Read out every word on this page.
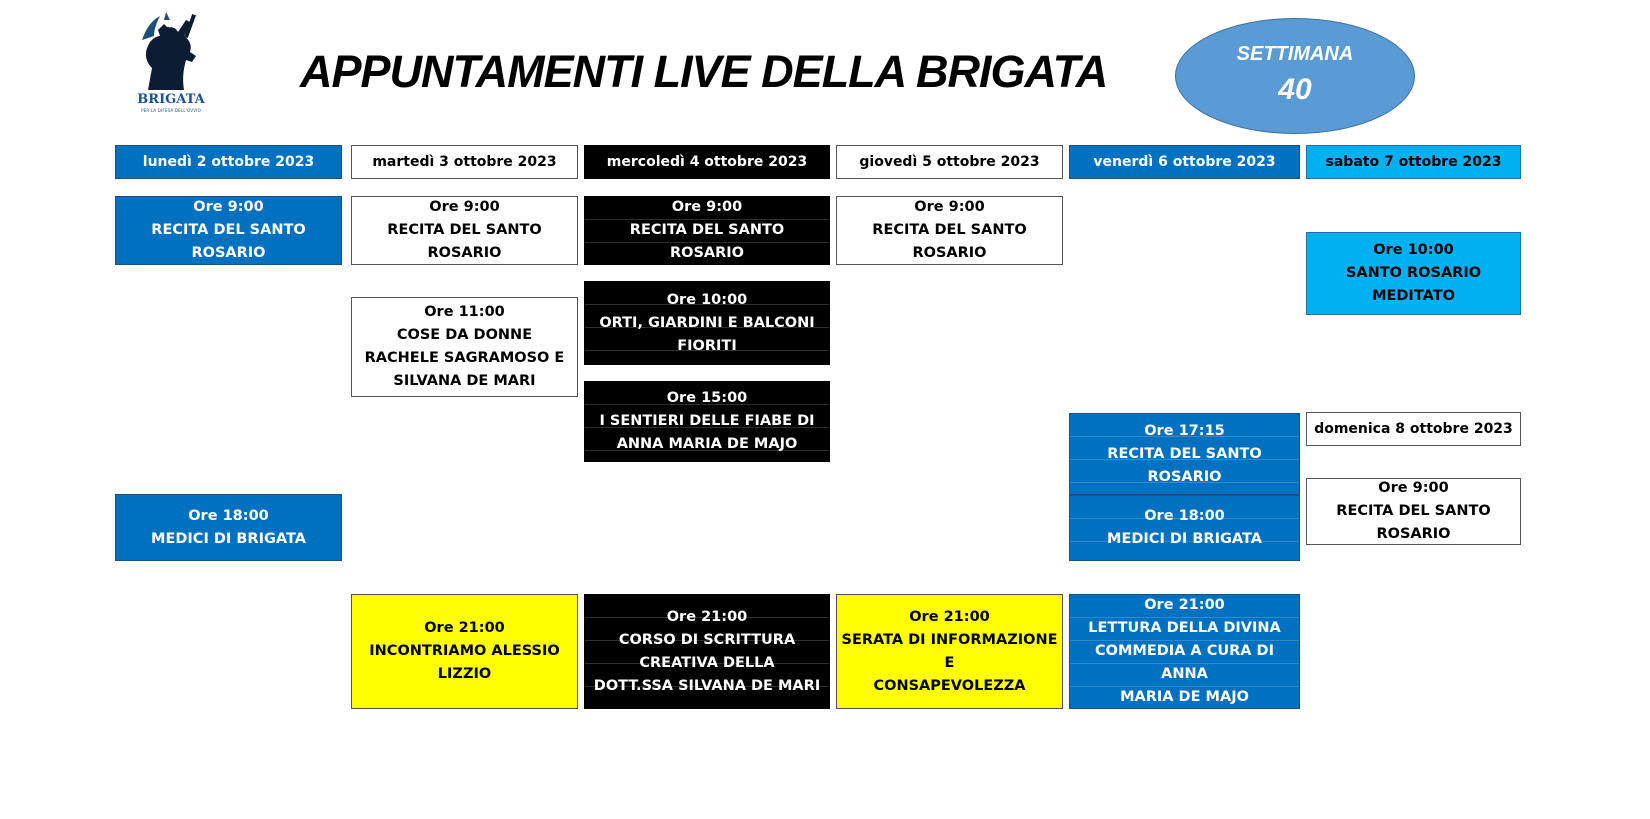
BRIGATA
PER LA DIFESA DELL'OVVIO
APPUNTAMENTI LIVE DELLA BRIGATA	SETTIMANA
40
lunedì 2 ottobre 2023	martedì 3 ottobre 2023	mercoledì 4 ottobre 2023	giovedì 5 ottobre 2023	venerdì 6 ottobre 2023	sabato 7 ottobre 2023
domenica 8 ottobre 2023
Ore 9:00
RECITA DEL SANTO ROSARIO
Ore 18:00
MEDICI DI BRIGATA
Ore 9:00
RECITA DEL SANTO ROSARIO
Ore 11:00
COSE DA DONNE
RACHELE SAGRAMOSO E
SILVANA DE MARI
Ore 21:00
INCONTRIAMO ALESSIO
LIZZIO
Ore 9:00
RECITA DEL SANTO
ROSARIO
Ore 10:00
ORTI, GIARDINI E BALCONI
FIORITI
Ore 15:00
I SENTIERI DELLE FIABE DI
ANNA MARIA DE MAJO
Ore 21:00
CORSO DI SCRITTURA
CREATIVA DELLA
DOTT.SSA SILVANA DE MARI
Ore 9:00
RECITA DEL SANTO ROSARIO
Ore 21:00
SERATA DI INFORMAZIONE E
CONSAPEVOLEZZA
Ore 17:15
RECITA DEL SANTO ROSARIO
Ore 18:00
MEDICI DI BRIGATA
Ore 21:00
LETTURA DELLA DIVINA
COMMEDIA A CURA DI ANNA
MARIA DE MAJO
Ore 10:00
SANTO ROSARIO
MEDITATO
Ore 9:00
RECITA DEL SANTO
ROSARIO
